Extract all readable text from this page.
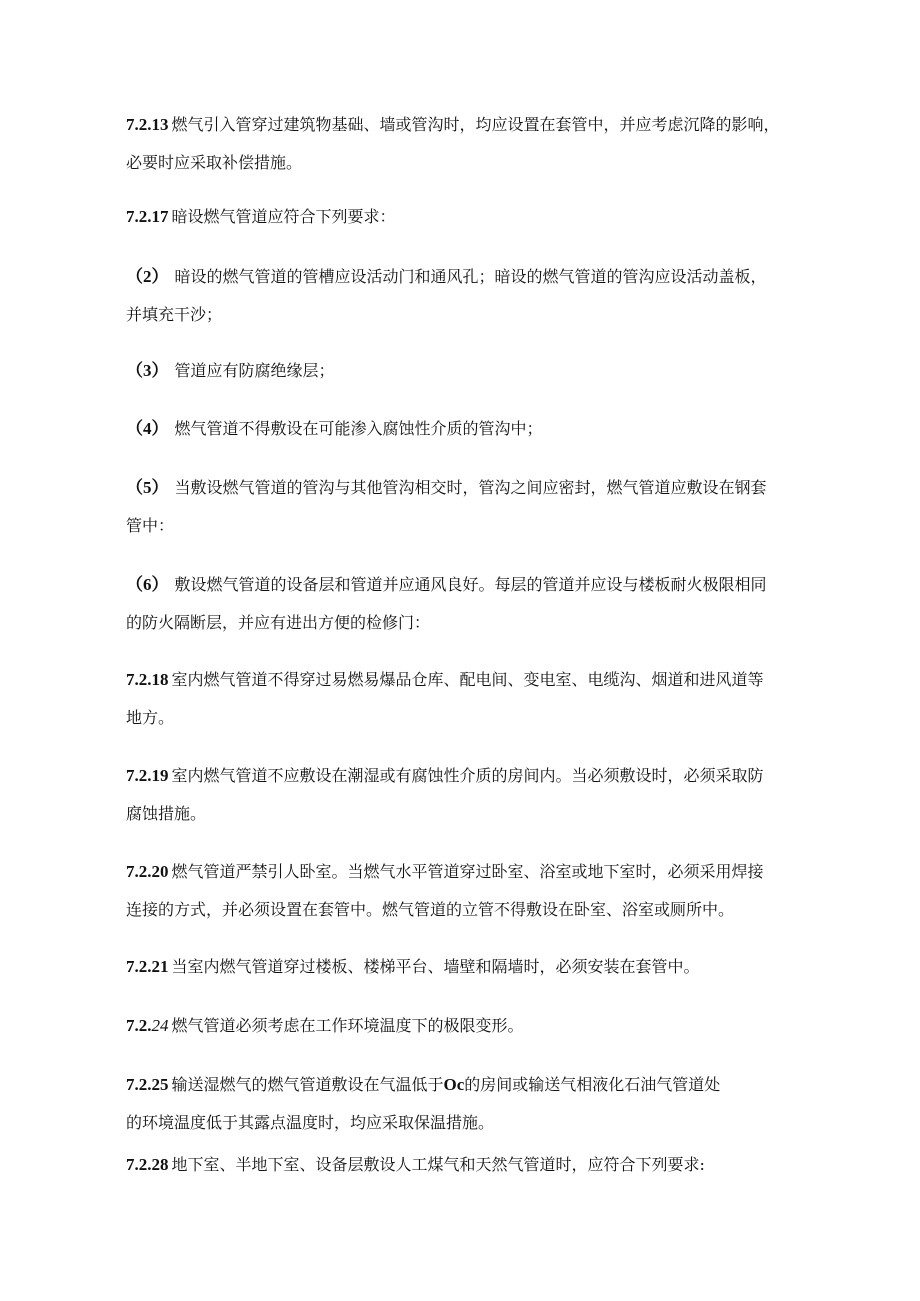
7.2.13 燃气引入管穿过建筑物基础、墙或管沟时，均应设置在套管中，并应考虑沉降的影响，
必要时应采取补偿措施。

7.2.17 暗设燃气管道应符合下列要求：

（2） 暗设的燃气管道的管槽应设活动门和通风孔；暗设的燃气管道的管沟应设活动盖板，
并填充干沙；

（3） 管道应有防腐绝缘层；

（4） 燃气管道不得敷设在可能渗入腐蚀性介质的管沟中；

（5） 当敷设燃气管道的管沟与其他管沟相交时，管沟之间应密封，燃气管道应敷设在钢套
管中：

（6） 敷设燃气管道的设备层和管道并应通风良好。每层的管道并应设与楼板耐火极限相同
的防火隔断层，并应有进出方便的检修门：

7.2.18 室内燃气管道不得穿过易燃易爆品仓库、配电间、变电室、电缆沟、烟道和进风道等
地方。

7.2.19 室内燃气管道不应敷设在潮湿或有腐蚀性介质的房间内。当必须敷设时，必须采取防
腐蚀措施。

7.2.20 燃气管道严禁引人卧室。当燃气水平管道穿过卧室、浴室或地下室时，必须采用焊接
连接的方式，并必须设置在套管中。燃气管道的立管不得敷设在卧室、浴室或厕所中。

7.2.21 当室内燃气管道穿过楼板、楼梯平台、墙壁和隔墙时，必须安装在套管中。

7.2.24 燃气管道必须考虑在工作环境温度下的极限变形。

7.2.25 输送湿燃气的燃气管道敷设在气温低于Oc的房间或输送气相液化石油气管道处
的环境温度低于其露点温度时，均应采取保温措施。

7.2.28 地下室、半地下室、设备层敷设人工煤气和天然气管道时，应符合下列要求:
